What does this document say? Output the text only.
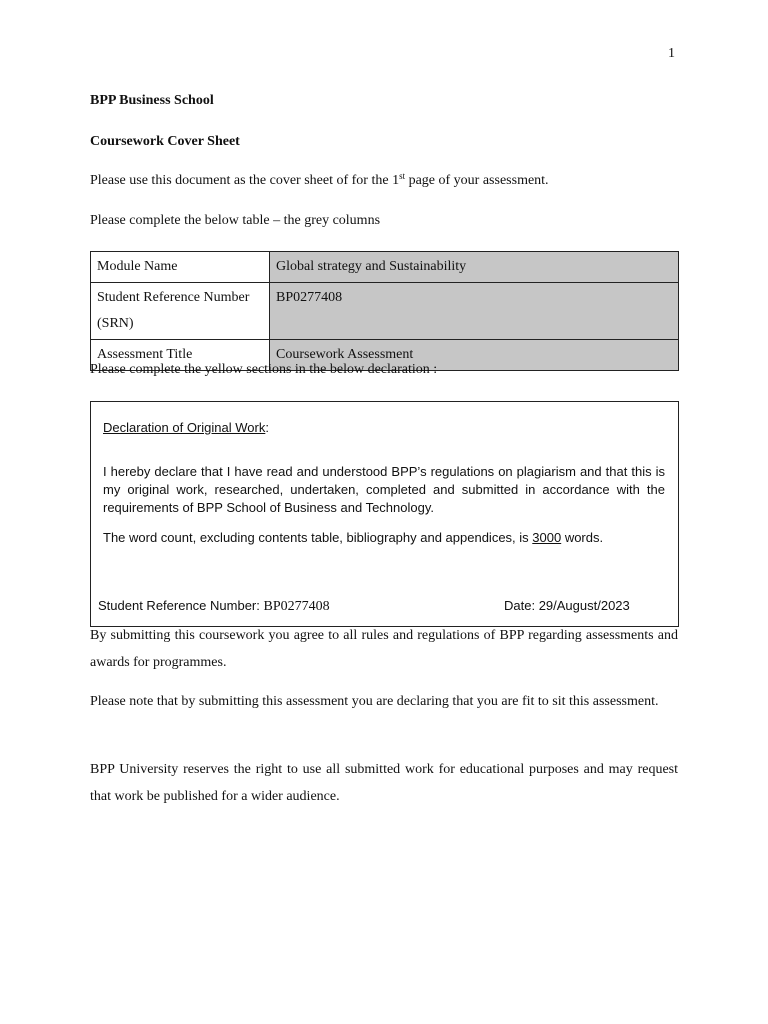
1
BPP Business School
Coursework Cover Sheet
Please use this document as the cover sheet of for the 1st page of your assessment.
Please complete the below table – the grey columns
Module Name	Global strategy and Sustainability
Student Reference Number (SRN)	BP0277408
Assessment Title	Coursework Assessment
Please complete the yellow sections in the below declaration :
Declaration of Original Work:
I hereby declare that I have read and understood BPP’s regulations on plagiarism and that this is my original work, researched, undertaken, completed and submitted in accordance with the requirements of BPP School of Business and Technology.
The word count, excluding contents table, bibliography and appendices, is 3000 words.
Student Reference Number: BP0277408	Date: 29/August/2023
By submitting this coursework you agree to all rules and regulations of BPP regarding assessments and awards for programmes.
Please note that by submitting this assessment you are declaring that you are fit to sit this assessment.
BPP University reserves the right to use all submitted work for educational purposes and may request that work be published for a wider audience.
